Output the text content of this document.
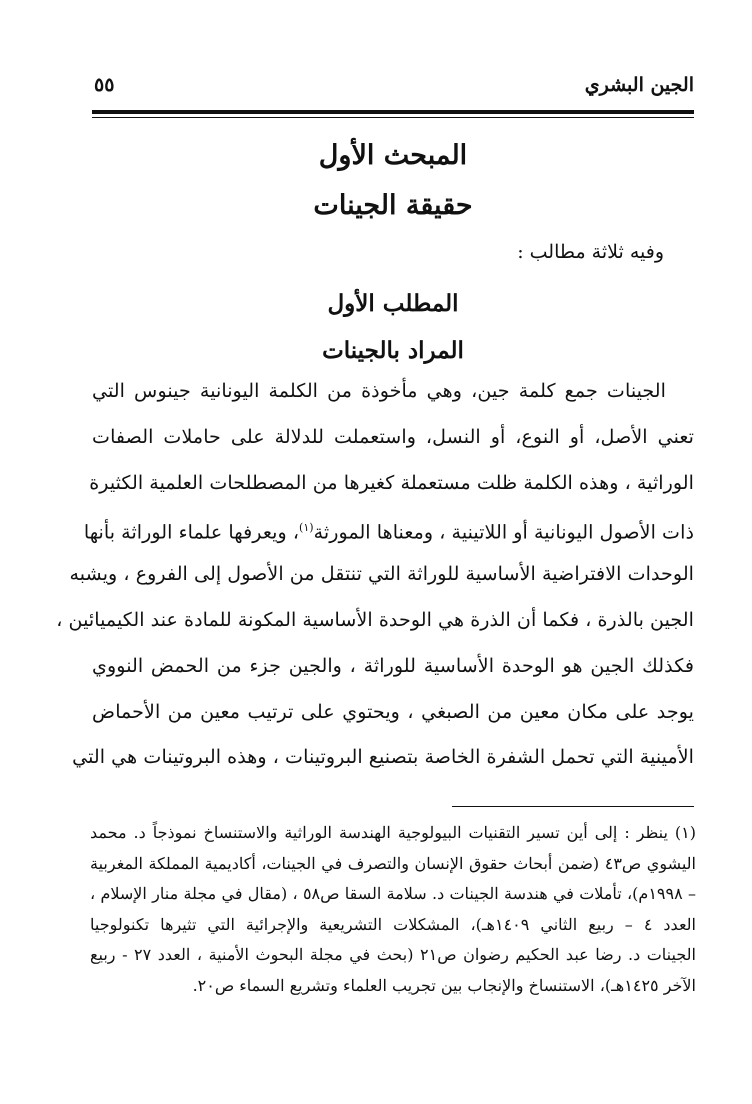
الجين البشري
٥٥
المبحث الأول
حقيقة الجينات
وفيه ثلاثة مطالب :
المطلب الأول
المراد بالجينات
الجينات جمع كلمة جين، وهي مأخوذة من الكلمة اليونانية جينوس التي
تعني الأصل، أو النوع، أو النسل، واستعملت للدلالة على حاملات الصفات
الوراثية ، وهذه الكلمة ظلت مستعملة كغيرها من المصطلحات العلمية الكثيرة
ذات الأصول اليونانية أو اللاتينية ، ومعناها المورثة$^{(١)}$، ويعرفها علماء الوراثة بأنها
الوحدات الافتراضية الأساسية للوراثة التي تنتقل من الأصول إلى الفروع ، ويشبه
الجين بالذرة ، فكما أن الذرة هي الوحدة الأساسية المكونة للمادة عند الكيميائين ،
فكذلك الجين هو الوحدة الأساسية للوراثة ، والجين جزء من الحمض النووي
يوجد على مكان معين من الصبغي ، ويحتوي على ترتيب معين من الأحماض
الأمينية التي تحمل الشفرة الخاصة بتصنيع البروتينات ، وهذه البروتينات هي التي
(١) ينظر : إلى أين تسير التقنيات البيولوجية الهندسة الوراثية والاستنساخ نموذجاً د. محمد
اليشوي ص٤٣ (ضمن أبحاث حقوق الإنسان والتصرف في الجينات، أكاديمية المملكة المغربية
– ١٩٩٨م)، تأملات في هندسة الجينات د. سلامة السقا ص٥٨ ، (مقال في مجلة منار الإسلام ،
العدد ٤ – ربيع الثاني ١٤٠٩هـ)، المشكلات التشريعية والإجرائية التي تثيرها تكنولوجيا
الجينات د. رضا عبد الحكيم رضوان ص٢١ (بحث في مجلة البحوث الأمنية ، العدد ٢٧ - ربيع
الآخر ١٤٢٥هـ)، الاستنساخ والإنجاب بين تجريب العلماء وتشريع السماء ص٢٠.
